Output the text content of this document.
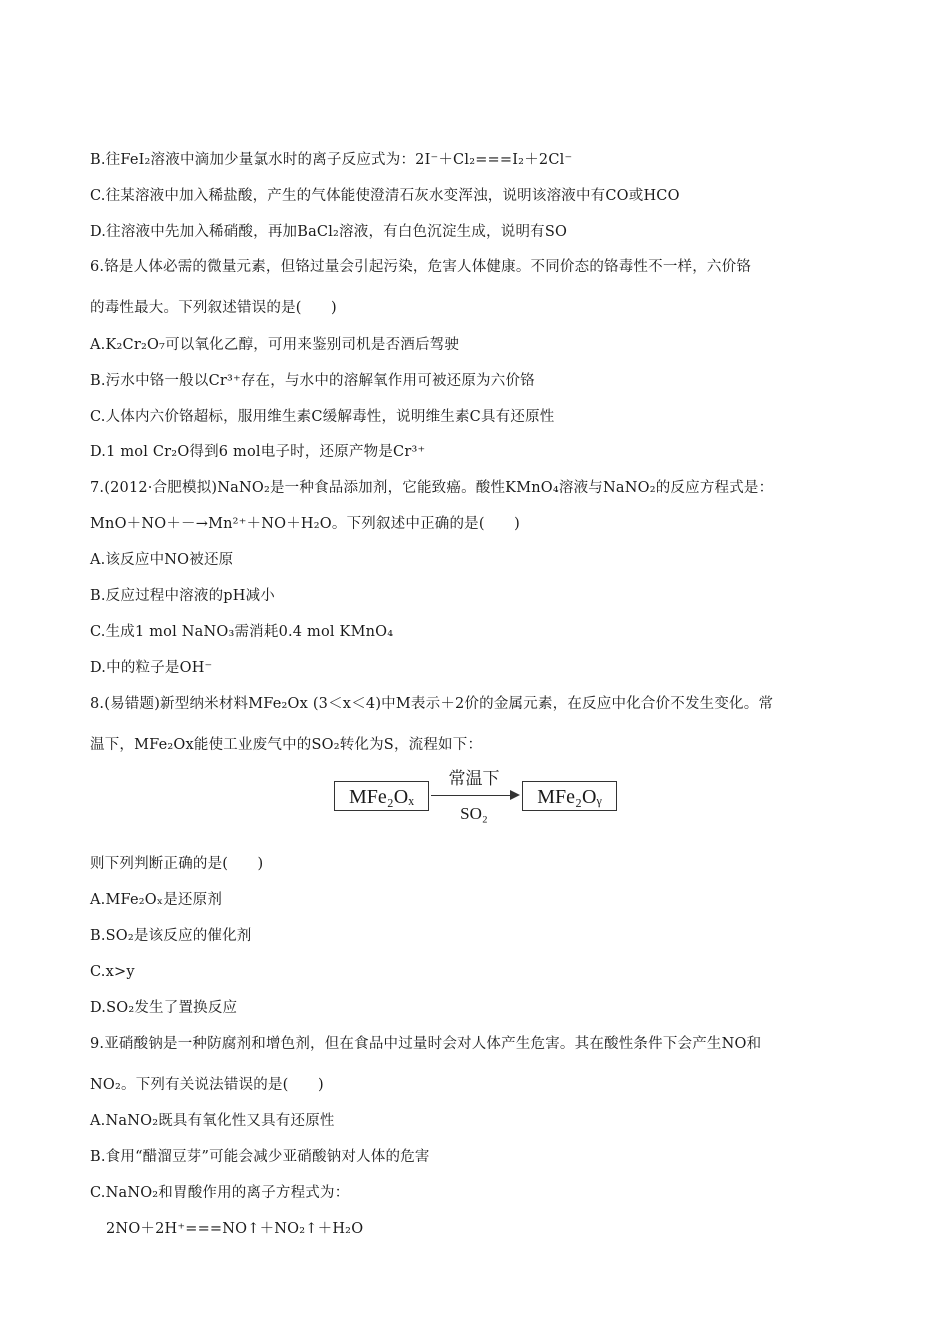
B.往FeI₂溶液中滴加少量氯水时的离子反应式为：2I⁻＋Cl₂===I₂＋2Cl⁻
C.往某溶液中加入稀盐酸，产生的气体能使澄清石灰水变浑浊，说明该溶液中有CO或HCO
D.往溶液中先加入稀硝酸，再加BaCl₂溶液，有白色沉淀生成，说明有SO
6.铬是人体必需的微量元素，但铬过量会引起污染，危害人体健康。不同价态的铬毒性不一样，六价铬
的毒性最大。下列叙述错误的是(　　)
A.K₂Cr₂O₇可以氧化乙醇，可用来鉴别司机是否酒后驾驶
B.污水中铬一般以Cr³⁺存在，与水中的溶解氧作用可被还原为六价铬
C.人体内六价铬超标，服用维生素C缓解毒性，说明维生素C具有还原性
D.1 mol Cr₂O得到6 mol电子时，还原产物是Cr³⁺
7.(2012·合肥模拟)NaNO₂是一种食品添加剂，它能致癌。酸性KMnO₄溶液与NaNO₂的反应方程式是：
MnO＋NO＋－→Mn²⁺＋NO＋H₂O。下列叙述中正确的是(　　)
A.该反应中NO被还原
B.反应过程中溶液的pH减小
C.生成1 mol NaNO₃需消耗0.4 mol KMnO₄
D.中的粒子是OH⁻
8.(易错题)新型纳米材料MFe₂Ox (3＜x＜4)中M表示＋2价的金属元素，在反应中化合价不发生变化。常
温下，MFe₂Ox能使工业废气中的SO₂转化为S，流程如下：
MFe₂Oₓ
常温下
SO₂
MFe₂Oᵧ
则下列判断正确的是(　　)
A.MFe₂Oₓ是还原剂
B.SO₂是该反应的催化剂
C.x>y
D.SO₂发生了置换反应
9.亚硝酸钠是一种防腐剂和增色剂，但在食品中过量时会对人体产生危害。其在酸性条件下会产生NO和
NO₂。下列有关说法错误的是(　　)
A.NaNO₂既具有氧化性又具有还原性
B.食用“醋溜豆芽”可能会减少亚硝酸钠对人体的危害
C.NaNO₂和胃酸作用的离子方程式为：
2NO＋2H⁺===NO↑＋NO₂↑＋H₂O
